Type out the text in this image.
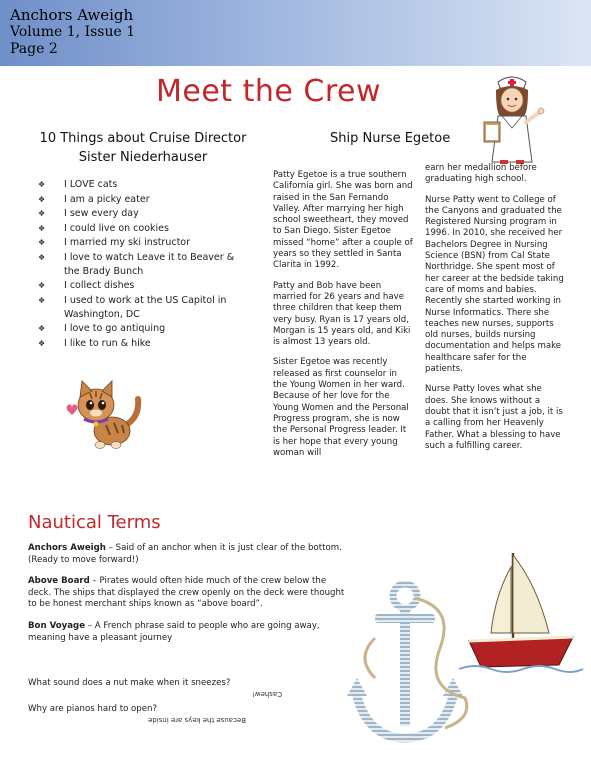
Anchors Aweigh
Volume 1, Issue 1
Page 2
Meet the Crew
10 Things about Cruise Director
Sister Niederhauser
❖ I LOVE cats
❖ I am a picky eater
❖ I sew every day
❖ I could live on cookies
❖ I married my ski instructor
❖ I love to watch Leave it to Beaver & the Brady Bunch
❖ I collect dishes
❖ I used to work at the US Capitol in Washington, DC
❖ I love to go antiquing
❖ I like to run & hike
Ship Nurse Egetoe

Patty Egetoe is a true southern California girl. She was born and raised in the San Fernando Valley. After marrying her high school sweetheart, they moved to San Diego. Sister Egetoe missed “home” after a couple of years so they settled in Santa Clarita in 1992.

Patty and Bob have been married for 26 years and have three children that keep them very busy. Ryan is 17 years old, Morgan is 15 years old, and Kiki is almost 13 years old.

Sister Egetoe was recently released as first counselor in the Young Women in her ward. Because of her love for the Young Women and the Personal Progress program, she is now the Personal Progress leader. It is her hope that every young woman will

earn her medallion before graduating high school.

Nurse Patty went to College of the Canyons and graduated the Registered Nursing program in 1996. In 2010, she received her Bachelors Degree in Nursing Science (BSN) from Cal State Northridge. She spent most of her career at the bedside taking care of moms and babies. Recently she started working in Nurse Informatics. There she teaches new nurses, supports old nurses, builds nursing documentation and helps make healthcare safer for the patients.

Nurse Patty loves what she does. She knows without a doubt that it isn’t just a job, it is a calling from her Heavenly Father. What a blessing to have such a fulfilling career.

Nautical Terms
Anchors Aweigh – Said of an anchor when it is just clear of the bottom. (Ready to move forward!)
Above Board – Pirates would often hide much of the crew below the deck. The ships that displayed the crew openly on the deck were thought to be honest merchant ships known as “above board”.
Bon Voyage – A French phrase said to people who are going away, meaning have a pleasant journey
What sound does a nut make when it sneezes?
Cashew!
Why are pianos hard to open?
Because the keys are inside
